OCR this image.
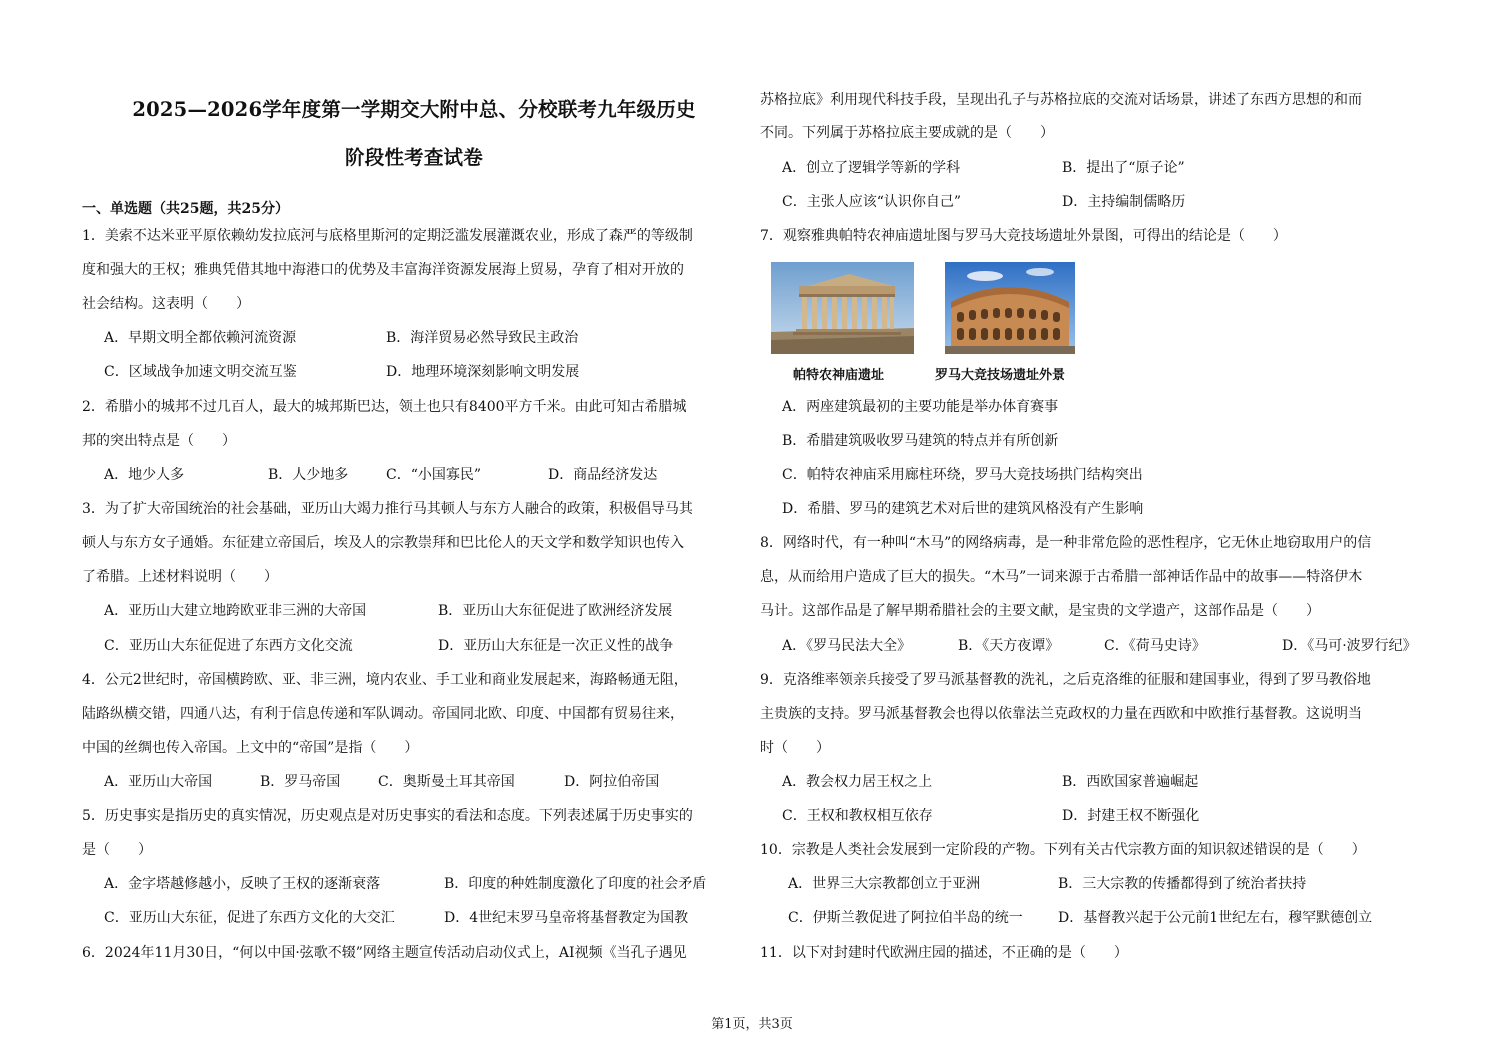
2025—2026学年度第一学期交大附中总、分校联考九年级历史
阶段性考查试卷
一、单选题（共25题，共25分）
1．美索不达米亚平原依赖幼发拉底河与底格里斯河的定期泛滥发展灌溉农业，形成了森严的等级制
度和强大的王权；雅典凭借其地中海港口的优势及丰富海洋资源发展海上贸易，孕育了相对开放的
社会结构。这表明（　　）
A．早期文明全都依赖河流资源	B．海洋贸易必然导致民主政治
C．区域战争加速文明交流互鉴	D．地理环境深刻影响文明发展
2．希腊小的城邦不过几百人，最大的城邦斯巴达，领土也只有8400平方千米。由此可知古希腊城
邦的突出特点是（　　）
A．地少人多	B．人少地多	C．“小国寡民”	D．商品经济发达
3．为了扩大帝国统治的社会基础，亚历山大竭力推行马其顿人与东方人融合的政策，积极倡导马其
顿人与东方女子通婚。东征建立帝国后，埃及人的宗教崇拜和巴比伦人的天文学和数学知识也传入
了希腊。上述材料说明（　　）
A．亚历山大建立地跨欧亚非三洲的大帝国	B．亚历山大东征促进了欧洲经济发展
C．亚历山大东征促进了东西方文化交流	D．亚历山大东征是一次正义性的战争
4．公元2世纪时，帝国横跨欧、亚、非三洲，境内农业、手工业和商业发展起来，海路畅通无阻，
陆路纵横交错，四通八达，有利于信息传递和军队调动。帝国同北欧、印度、中国都有贸易往来，
中国的丝绸也传入帝国。上文中的“帝国”是指（　　）
A．亚历山大帝国	B．罗马帝国	C．奥斯曼土耳其帝国	D．阿拉伯帝国
5．历史事实是指历史的真实情况，历史观点是对历史事实的看法和态度。下列表述属于历史事实的
是（　　）
A．金字塔越修越小，反映了王权的逐渐衰落	B．印度的种姓制度激化了印度的社会矛盾
C．亚历山大东征，促进了东西方文化的大交汇	D．4世纪末罗马皇帝将基督教定为国教
6．2024年11月30日，“何以中国·弦歌不辍”网络主题宣传活动启动仪式上，AI视频《当孔子遇见
苏格拉底》利用现代科技手段，呈现出孔子与苏格拉底的交流对话场景，讲述了东西方思想的和而
不同。下列属于苏格拉底主要成就的是（　　）
A．创立了逻辑学等新的学科	B．提出了“原子论”
C．主张人应该“认识你自己”	D．主持编制儒略历
7．观察雅典帕特农神庙遗址图与罗马大竞技场遗址外景图，可得出的结论是（　　）
帕特农神庙遗址	罗马大竞技场遗址外景
A．两座建筑最初的主要功能是举办体育赛事
B．希腊建筑吸收罗马建筑的特点并有所创新
C．帕特农神庙采用廊柱环绕，罗马大竞技场拱门结构突出
D．希腊、罗马的建筑艺术对后世的建筑风格没有产生影响
8．网络时代，有一种叫“木马”的网络病毒，是一种非常危险的恶性程序，它无休止地窃取用户的信
息，从而给用户造成了巨大的损失。“木马”一词来源于古希腊一部神话作品中的故事——特洛伊木
马计。这部作品是了解早期希腊社会的主要文献，是宝贵的文学遗产，这部作品是（　　）
A．《罗马民法大全》	B．《天方夜谭》	C．《荷马史诗》	D．《马可·波罗行纪》
9．克洛维率领亲兵接受了罗马派基督教的洗礼，之后克洛维的征服和建国事业，得到了罗马教俗地
主贵族的支持。罗马派基督教会也得以依靠法兰克政权的力量在西欧和中欧推行基督教。这说明当
时（　　）
A．教会权力居王权之上	B．西欧国家普遍崛起
C．王权和教权相互依存	D．封建王权不断强化
10．宗教是人类社会发展到一定阶段的产物。下列有关古代宗教方面的知识叙述错误的是（　　）
A．世界三大宗教都创立于亚洲	B．三大宗教的传播都得到了统治者扶持
C．伊斯兰教促进了阿拉伯半岛的统一	D．基督教兴起于公元前1世纪左右，穆罕默德创立
11．以下对封建时代欧洲庄园的描述，不正确的是（　　）
第1页，共3页
